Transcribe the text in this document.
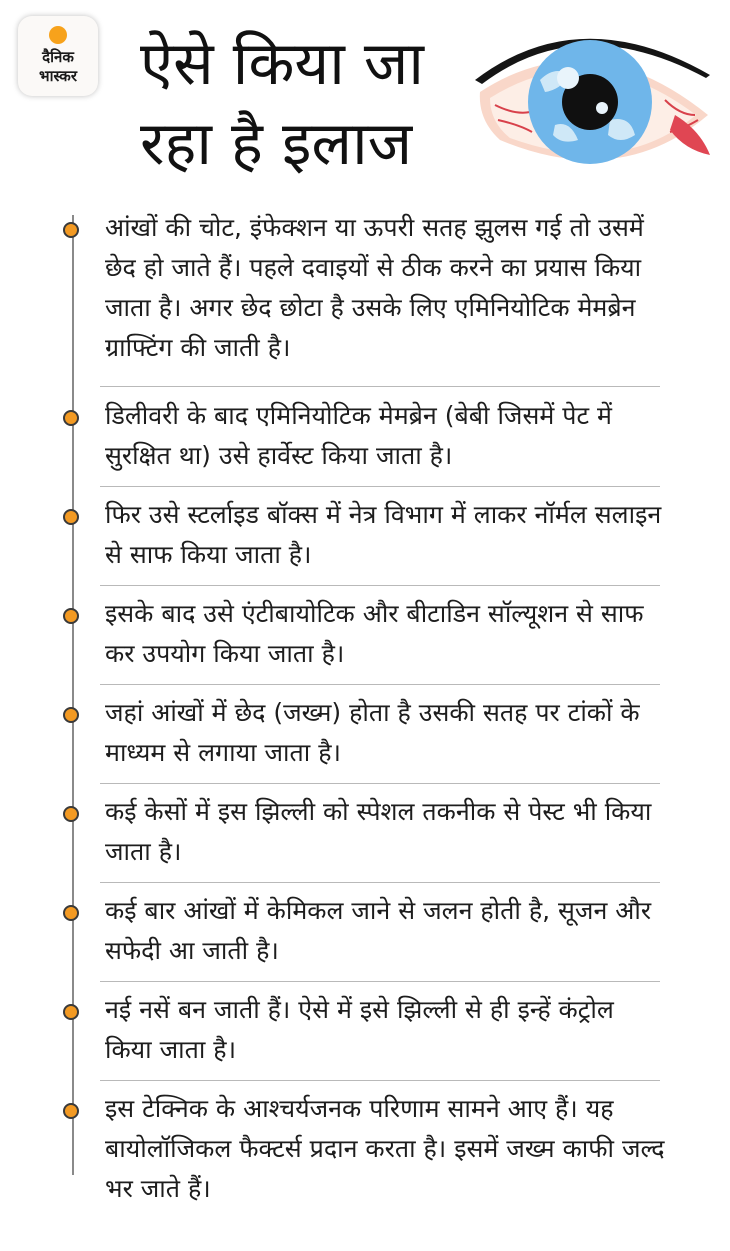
दैनिक
भास्कर	ऐसे किया जा रहा है इलाज

आंखों की चोट, इंफेक्शन या ऊपरी सतह झुलस गई तो उसमें छेद हो जाते हैं। पहले दवाइयों से ठीक करने का प्रयास किया जाता है। अगर छेद छोटा है उसके लिए एमिनियोटिक मेमब्रेन ग्राफ्टिंग की जाती है।

डिलीवरी के बाद एमिनियोटिक मेमब्रेन (बेबी जिसमें पेट में सुरक्षित था) उसे हार्वेस्ट किया जाता है।

फिर उसे स्टर्लाइड बॉक्स में नेत्र विभाग में लाकर नॉर्मल सलाइन से साफ किया जाता है।

इसके बाद उसे एंटीबायोटिक और बीटाडिन सॉल्यूशन से साफ कर उपयोग किया जाता है।

जहां आंखों में छेद (जख्म) होता है उसकी सतह पर टांकों के माध्यम से लगाया जाता है।

कई केसों में इस झिल्ली को स्पेशल तकनीक से पेस्ट भी किया जाता है।

कई बार आंखों में केमिकल जाने से जलन होती है, सूजन और सफेदी आ जाती है।

नई नसें बन जाती हैं। ऐसे में इसे झिल्ली से ही इन्हें कंट्रोल किया जाता है।

इस टेक्निक के आश्चर्यजनक परिणाम सामने आए हैं। यह बायोलॉजिकल फैक्टर्स प्रदान करता है। इसमें जख्म काफी जल्द भर जाते हैं।
